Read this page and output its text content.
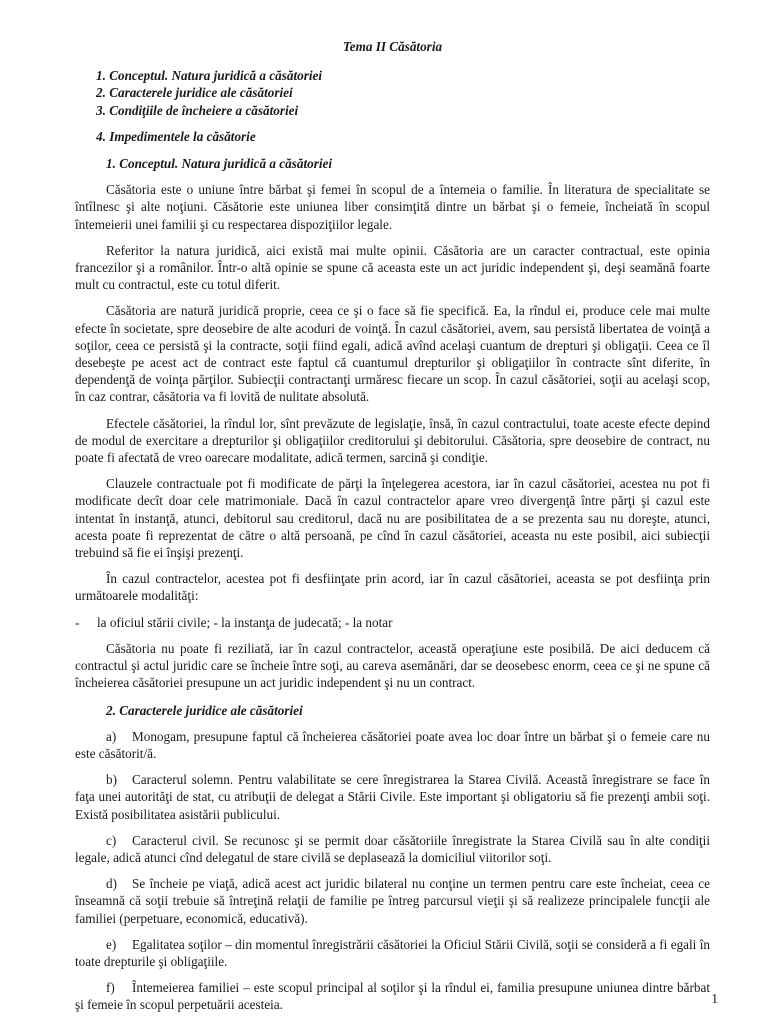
Tema II Căsătoria
1. Conceptul. Natura juridică a căsătoriei
2. Caracterele juridice ale căsătoriei
3. Condiţiile de încheiere a căsătoriei
4. Impedimentele la căsătorie
1. Conceptul. Natura juridică a căsătoriei

Căsătoria este o uniune între bărbat şi femei în scopul de a întemeia o familie. În literatura de specialitate se întîlnesc şi alte noţiuni. Căsătorie este uniunea liber consimţită dintre un bărbat şi o femeie, încheiată în scopul întemeierii unei familii şi cu respectarea dispoziţiilor legale.

Referitor la natura juridică, aici există mai multe opinii. Căsătoria are un caracter contractual, este opinia francezilor şi a românilor. Într-o altă opinie se spune că aceasta este un act juridic independent şi, deşi seamănă foarte mult cu contractul, este cu totul diferit.

Căsătoria are natură juridică proprie, ceea ce şi o face să fie specifică. Ea, la rîndul ei, produce cele mai multe efecte în societate, spre deosebire de alte acoduri de voinţă. În cazul căsătoriei, avem, sau persistă libertatea de voinţă a soţilor, ceea ce persistă şi la contracte, soţii fiind egali, adică avînd acelaşi cuantum de drepturi şi obligaţii. Ceea ce îl desebeşte pe acest act de contract este faptul că cuantumul drepturilor şi obligaţiilor în contracte sînt diferite, în dependenţă de voinţa părţilor. Subiecţii contractanţi urmăresc fiecare un scop. În cazul căsătoriei, soţii au acelaşi scop, în caz contrar, căsătoria va fi lovită de nulitate absolută.

Efectele căsătoriei, la rîndul lor, sînt prevăzute de legislaţie, însă, în cazul contractului, toate aceste efecte depind de modul de exercitare a drepturilor şi obligaţiilor creditorului şi debitorului. Căsătoria, spre deosebire de contract, nu poate fi afectată de vreo oarecare modalitate, adică termen, sarcină şi condiţie.

Clauzele contractuale pot fi modificate de părţi la înţelegerea acestora, iar în cazul căsătoriei, acestea nu pot fi modificate decît doar cele matrimoniale. Dacă în cazul contractelor apare vreo divergenţă între părţi şi cazul este intentat în instanţă, atunci, debitorul sau creditorul, dacă nu are posibilitatea de a se prezenta sau nu doreşte, atunci, acesta poate fi reprezentat de către o altă persoană, pe cînd în cazul căsătoriei, aceasta nu este posibil, aici subiecţii trebuind să fie ei înşişi prezenţi.

În cazul contractelor, acestea pot fi desfiinţate prin acord, iar în cazul căsătoriei, aceasta se pot desfiinţa prin următoarele modalităţi:

-	la oficiul stării civile; - la instanţa de judecată; - la notar

Căsătoria nu poate fi reziliată, iar în cazul contractelor, această operaţiune este posibilă. De aici deducem că contractul şi actul juridic care se încheie între soţi, au careva asemănări, dar se deosebesc enorm, ceea ce şi ne spune că încheierea căsătoriei presupune un act juridic independent şi nu un contract.

2. Caracterele juridice ale căsătoriei
a) Monogam, presupune faptul că încheierea căsătoriei poate avea loc doar între un bărbat şi o femeie care nu este căsătorit/ă.
b) Caracterul solemn. Pentru valabilitate se cere înregistrarea la Starea Civilă. Această înregistrare se face în faţa unei autorităţi de stat, cu atribuţii de delegat a Stării Civile. Este important şi obligatoriu să fie prezenţi ambii soţi. Există posibilitatea asistării publicului.
c) Caracterul civil. Se recunosc şi se permit doar căsătoriile înregistrate la Starea Civilă sau în alte condiţii legale, adică atunci cînd delegatul de stare civilă se deplasează la domiciliul viitorilor soţi.
d) Se încheie pe viaţă, adică acest act juridic bilateral nu conţine un termen pentru care este încheiat, ceea ce înseamnă că soţii trebuie să întreţină relaţii de familie pe întreg parcursul vieţii şi să realizeze principalele funcţii ale familiei (perpetuare, economică, educativă).
e) Egalitatea soţilor – din momentul înregistrării căsătoriei la Oficiul Stării Civilă, soţii se consideră a fi egali în toate drepturile şi obligaţiile.
f) Întemeierea familiei – este scopul principal al soţilor şi la rîndul ei, familia presupune uniunea dintre bărbat şi femeie în scopul perpetuării acesteia.	1
